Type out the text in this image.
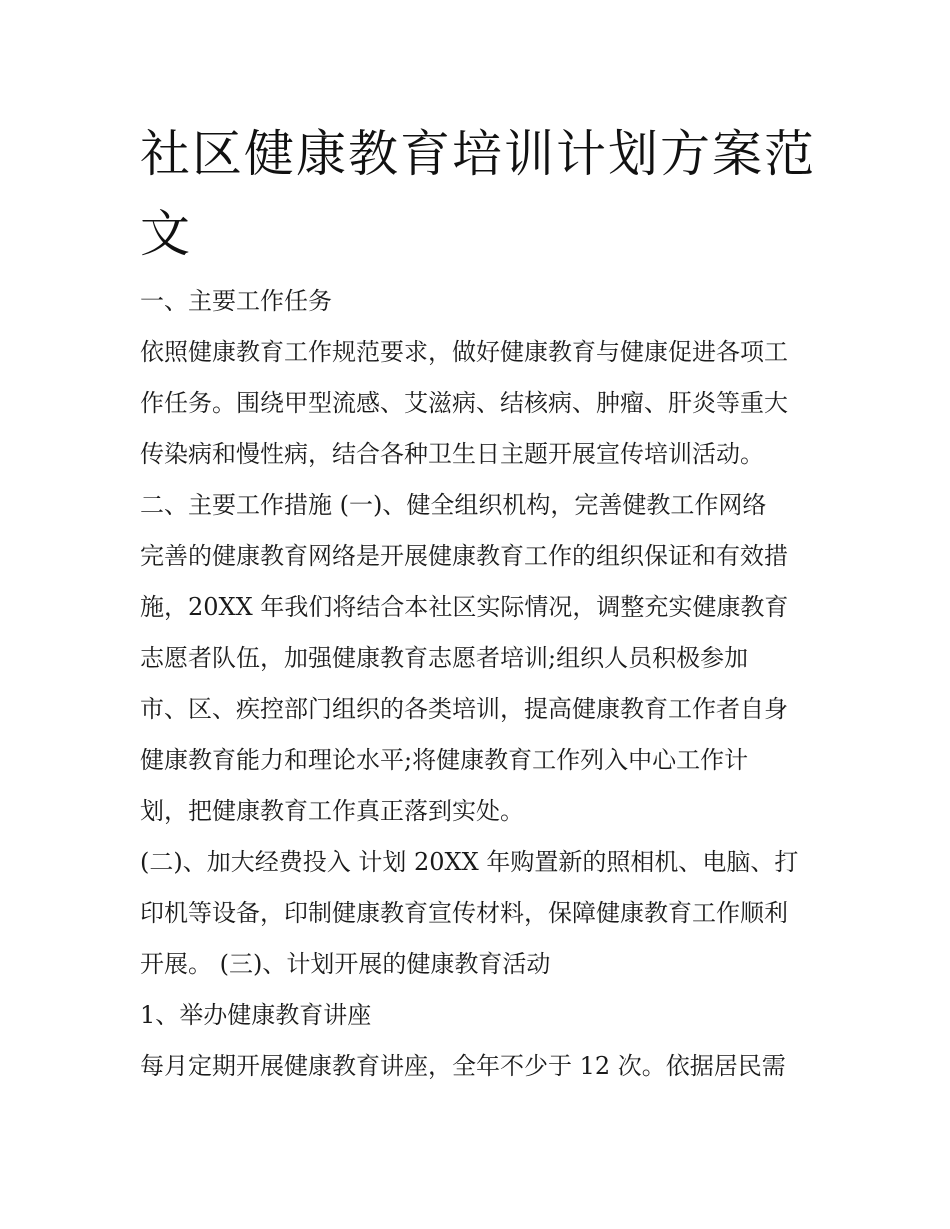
社区健康教育培训计划方案范文

一、主要工作任务

依照健康教育工作规范要求，做好健康教育与健康促进各项工

作任务。围绕甲型流感、艾滋病、结核病、肿瘤、肝炎等重大

传染病和慢性病，结合各种卫生日主题开展宣传培训活动。

二、主要工作措施 (一)、健全组织机构，完善健教工作网络

完善的健康教育网络是开展健康教育工作的组织保证和有效措

施，20XX 年我们将结合本社区实际情况，调整充实健康教育

志愿者队伍，加强健康教育志愿者培训;组织人员积极参加

市、区、疾控部门组织的各类培训，提高健康教育工作者自身

健康教育能力和理论水平;将健康教育工作列入中心工作计

划，把健康教育工作真正落到实处。

(二)、加大经费投入 计划 20XX 年购置新的照相机、电脑、打

印机等设备，印制健康教育宣传材料，保障健康教育工作顺利

开展。 (三)、计划开展的健康教育活动

1、举办健康教育讲座

每月定期开展健康教育讲座，全年不少于 12 次。依据居民需
